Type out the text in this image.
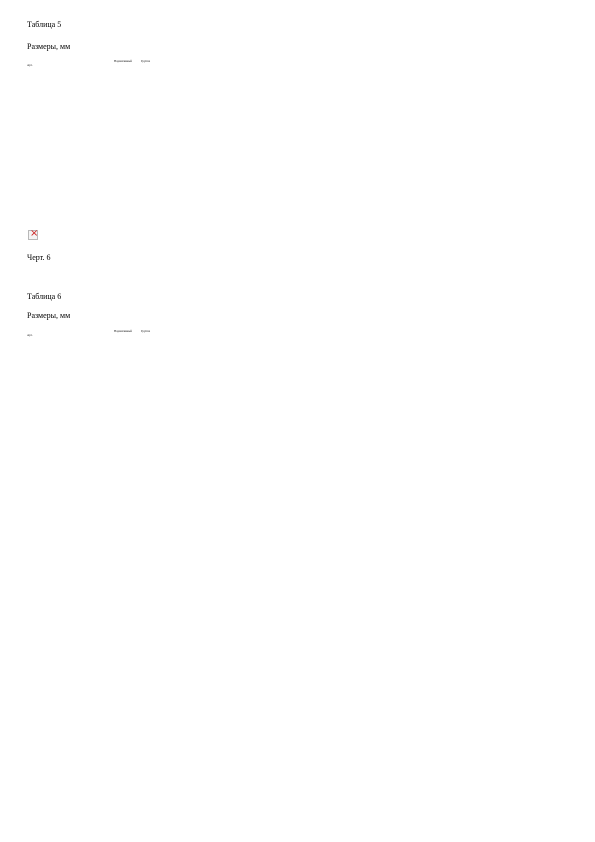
Таблица 5
Размеры, мм
Арт.
Нормативный	Группа
×
Черт. 6
Таблица 6
Размеры, мм
Арт.
Нормативный	Группа
